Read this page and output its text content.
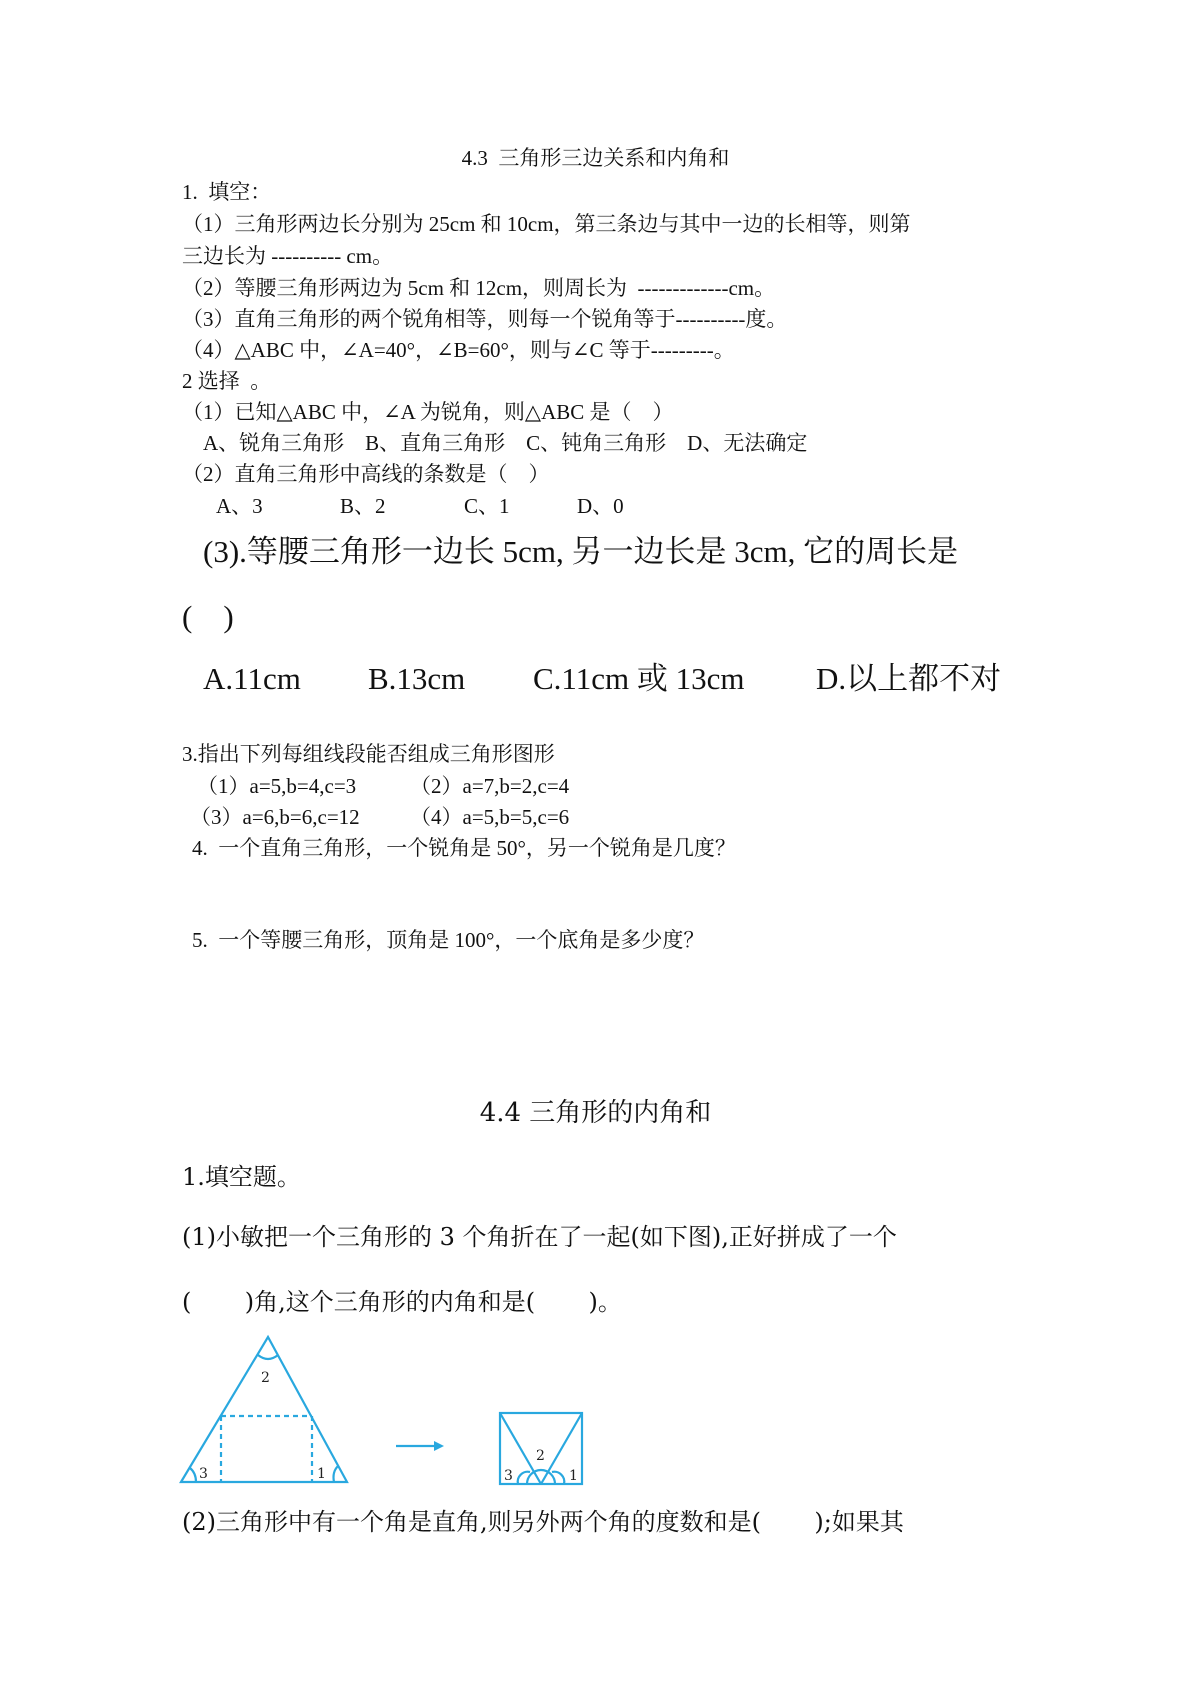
4.3  三角形三边关系和内角和
1.  填空：
（1）三角形两边长分别为 25cm 和 10cm，第三条边与其中一边的长相等，则第
三边长为 ---------- cm。
（2）等腰三角形两边为 5cm 和 12cm，则周长为  -------------cm。
（3）直角三角形的两个锐角相等，则每一个锐角等于----------度。
（4）△ABC 中，∠A=40°，∠B=60°，则与∠C 等于---------。
2 选择  。
（1）已知△ABC 中，∠A 为锐角，则△ABC 是（    ）
A、锐角三角形    B、直角三角形    C、钝角三角形    D、无法确定
（2）直角三角形中高线的条数是（    ）
A、3	B、2	C、1	D、0
(3).等腰三角形一边长 5cm, 另一边长是 3cm, 它的周长是
(    )
A.11cm B.13cm C.11cm 或 13cm D.以上都不对
3.指出下列每组线段能否组成三角形图形
（1）a=5,b=4,c=3	（2）a=7,b=2,c=4
（3）a=6,b=6,c=12 （4）a=5,b=5,c=6
4.  一个直角三角形，一个锐角是 50°，另一个锐角是几度？
5.  一个等腰三角形，顶角是 100°，一个底角是多少度？
4.4 三角形的内角和
1.填空题。
(1)小敏把一个三角形的 3 个角折在了一起(如下图),正好拼成了一个
(       )角,这个三角形的内角和是(       )。
2
3	1
2
3	1
(2)三角形中有一个角是直角,则另外两个角的度数和是(       );如果其
